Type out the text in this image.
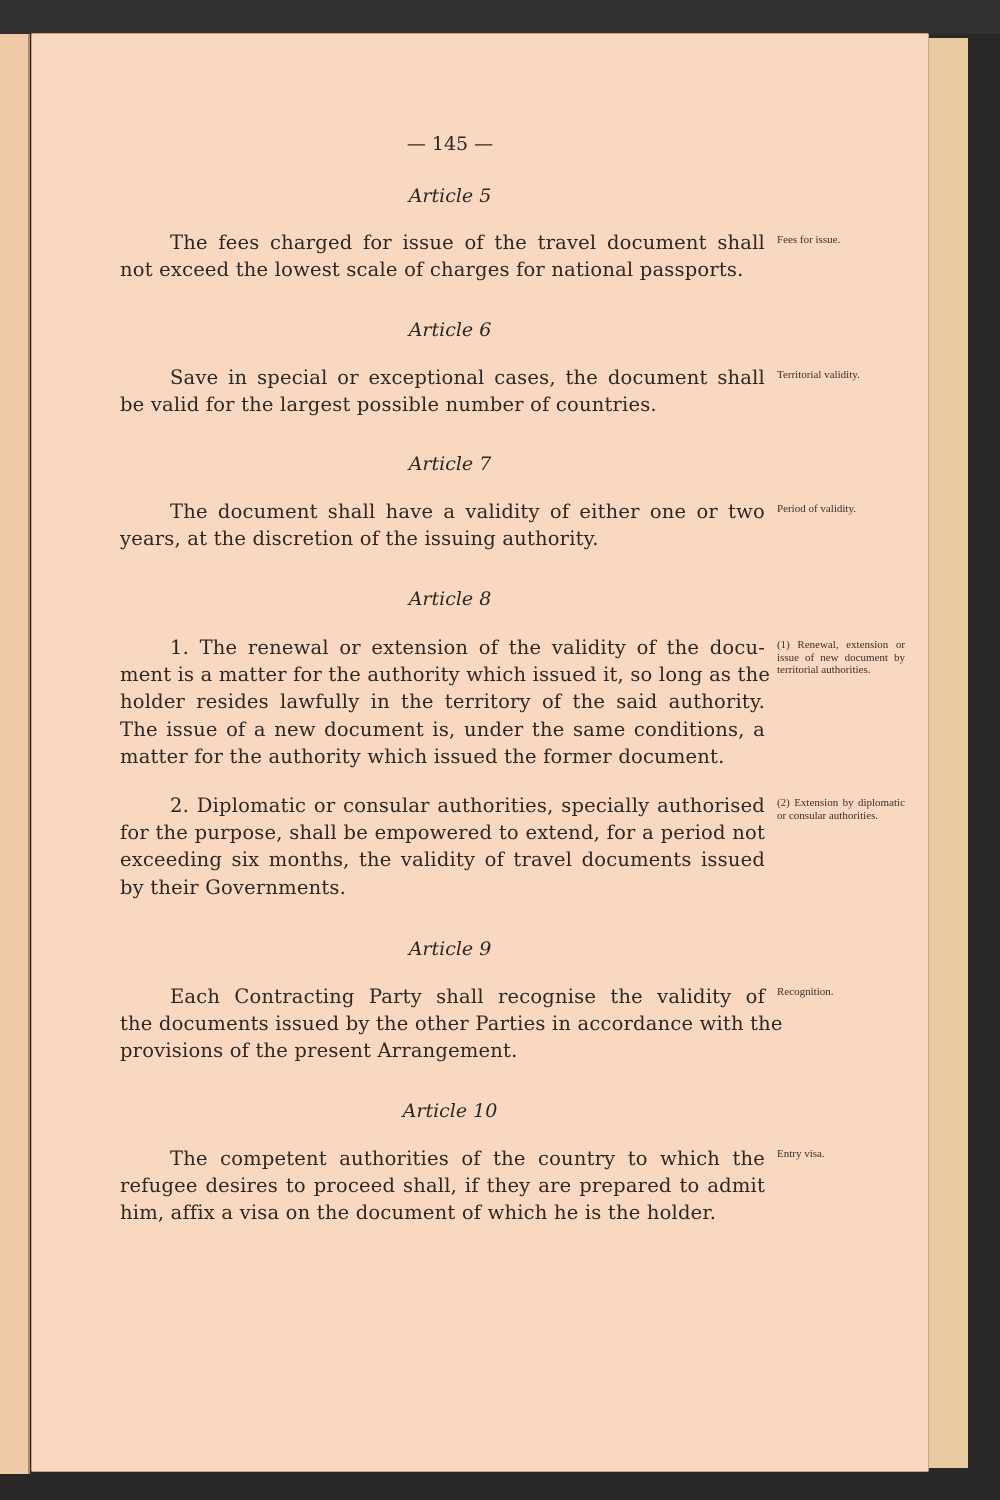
— 145 —
Article 5
The fees charged for issue of the travel document shall
not exceed the lowest scale of charges for national passports.
Fees for issue.
Article 6
Save in special or exceptional cases, the document shall
be valid for the largest possible number of countries.
Territorial validity.
Article 7
The document shall have a validity of either one or two
years, at the discretion of the issuing authority.
Period of validity.
Article 8
1. The renewal or extension of the validity of the docu-
ment is a matter for the authority which issued it, so long as the
holder resides lawfully in the territory of the said authority.
The issue of a new document is, under the same conditions, a
matter for the authority which issued the former document.
(1) Renewal, extension or issue of new document by territorial authorities.
2. Diplomatic or consular authorities, specially authorised
for the purpose, shall be empowered to extend, for a period not
exceeding six months, the validity of travel documents issued
by their Governments.
(2) Extension by diplomatic or consular authorities.
Article 9
Each Contracting Party shall recognise the validity of
the documents issued by the other Parties in accordance with the
provisions of the present Arrangement.
Recognition.
Article 10
The competent authorities of the country to which the
refugee desires to proceed shall, if they are prepared to admit
him, affix a visa on the document of which he is the holder.
Entry visa.
